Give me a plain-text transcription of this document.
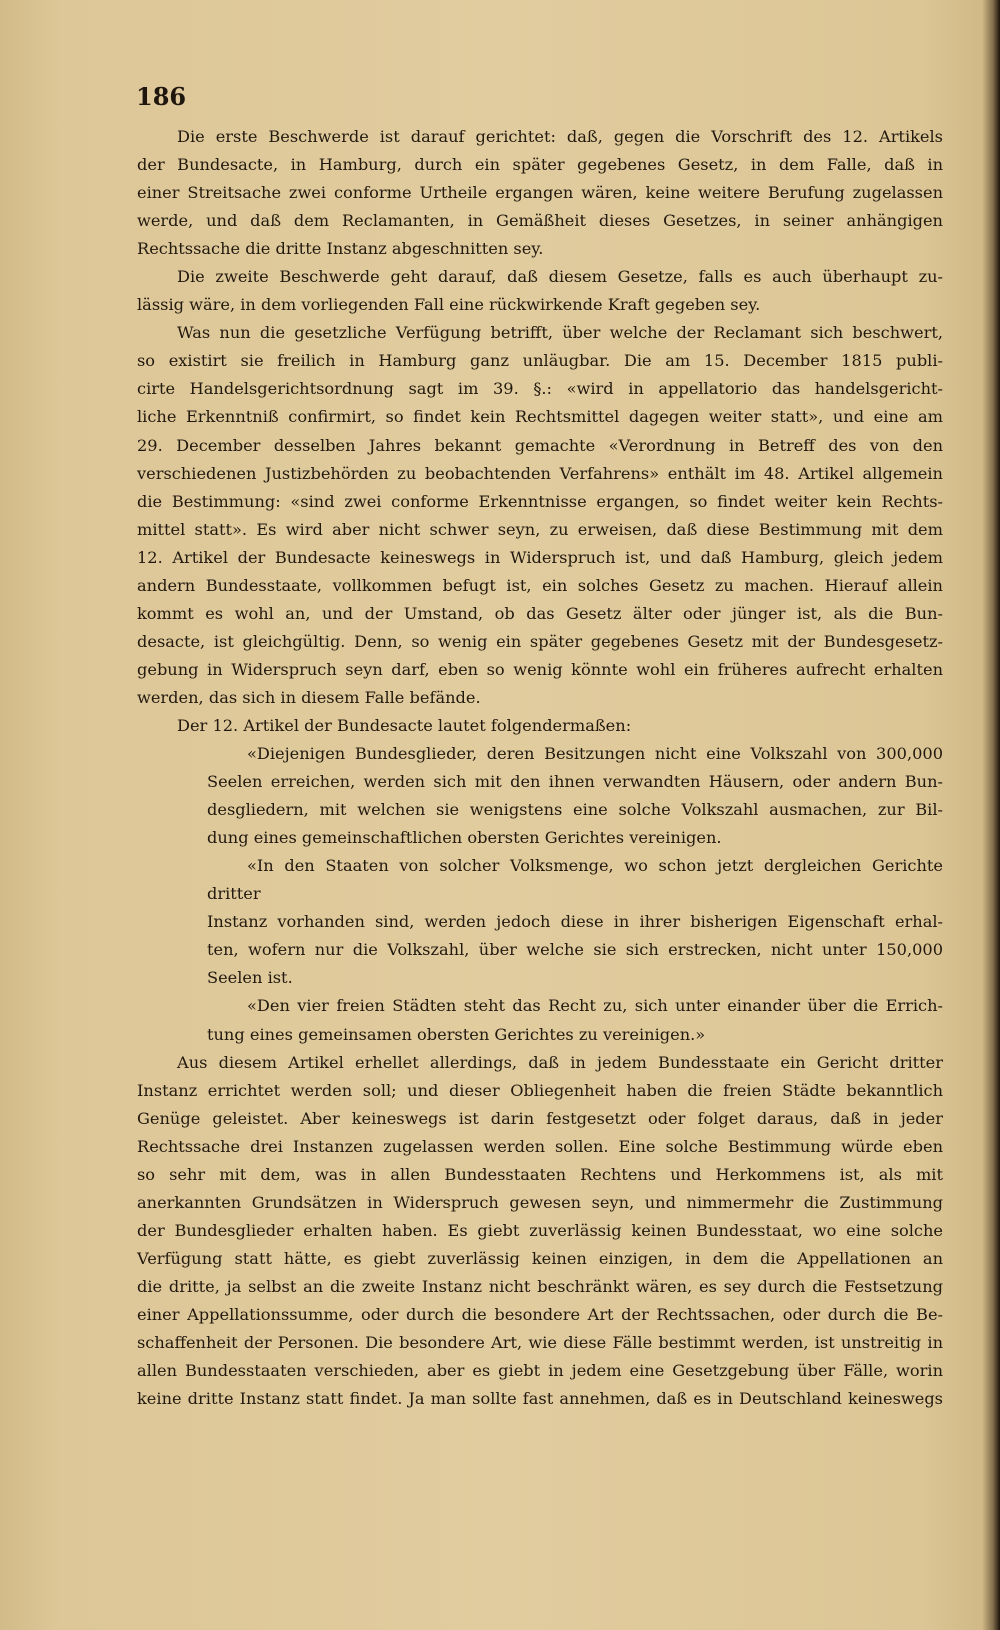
186

Die erste Beschwerde ist darauf gerichtet: daß, gegen die Vorschrift des 12. Artikels

der Bundesacte, in Hamburg, durch ein später gegebenes Gesetz, in dem Falle, daß in

einer Streitsache zwei conforme Urtheile ergangen wären, keine weitere Berufung zugelassen

werde, und daß dem Reclamanten, in Gemäßheit dieses Gesetzes, in seiner anhängigen

Rechtssache die dritte Instanz abgeschnitten sey.

Die zweite Beschwerde geht darauf, daß diesem Gesetze, falls es auch überhaupt zu-

lässig wäre, in dem vorliegenden Fall eine rückwirkende Kraft gegeben sey.

Was nun die gesetzliche Verfügung betrifft, über welche der Reclamant sich beschwert,

so existirt sie freilich in Hamburg ganz unläugbar. Die am 15. December 1815 publi-

cirte Handelsgerichtsordnung sagt im 39. §.: «wird in appellatorio das handelsgericht-

liche Erkenntniß confirmirt, so findet kein Rechtsmittel dagegen weiter statt», und eine am

29. December desselben Jahres bekannt gemachte «Verordnung in Betreff des von den

verschiedenen Justizbehörden zu beobachtenden Verfahrens» enthält im 48. Artikel allgemein

die Bestimmung: «sind zwei conforme Erkenntnisse ergangen, so findet weiter kein Rechts-

mittel statt». Es wird aber nicht schwer seyn, zu erweisen, daß diese Bestimmung mit dem

12. Artikel der Bundesacte keineswegs in Widerspruch ist, und daß Hamburg, gleich jedem

andern Bundesstaate, vollkommen befugt ist, ein solches Gesetz zu machen. Hierauf allein

kommt es wohl an, und der Umstand, ob das Gesetz älter oder jünger ist, als die Bun-

desacte, ist gleichgültig. Denn, so wenig ein später gegebenes Gesetz mit der Bundesgesetz-

gebung in Widerspruch seyn darf, eben so wenig könnte wohl ein früheres aufrecht erhalten

werden, das sich in diesem Falle befände.

Der 12. Artikel der Bundesacte lautet folgendermaßen:

«Diejenigen Bundesglieder, deren Besitzungen nicht eine Volkszahl von 300,000

Seelen erreichen, werden sich mit den ihnen verwandten Häusern, oder andern Bun-

desgliedern, mit welchen sie wenigstens eine solche Volkszahl ausmachen, zur Bil-

dung eines gemeinschaftlichen obersten Gerichtes vereinigen.

«In den Staaten von solcher Volksmenge, wo schon jetzt dergleichen Gerichte dritter

Instanz vorhanden sind, werden jedoch diese in ihrer bisherigen Eigenschaft erhal-

ten, wofern nur die Volkszahl, über welche sie sich erstrecken, nicht unter 150,000

Seelen ist.

«Den vier freien Städten steht das Recht zu, sich unter einander über die Errich-

tung eines gemeinsamen obersten Gerichtes zu vereinigen.»

Aus diesem Artikel erhellet allerdings, daß in jedem Bundesstaate ein Gericht dritter

Instanz errichtet werden soll; und dieser Obliegenheit haben die freien Städte bekanntlich

Genüge geleistet. Aber keineswegs ist darin festgesetzt oder folget daraus, daß in jeder

Rechtssache drei Instanzen zugelassen werden sollen. Eine solche Bestimmung würde eben

so sehr mit dem, was in allen Bundesstaaten Rechtens und Herkommens ist, als mit

anerkannten Grundsätzen in Widerspruch gewesen seyn, und nimmermehr die Zustimmung

der Bundesglieder erhalten haben. Es giebt zuverlässig keinen Bundesstaat, wo eine solche

Verfügung statt hätte, es giebt zuverlässig keinen einzigen, in dem die Appellationen an

die dritte, ja selbst an die zweite Instanz nicht beschränkt wären, es sey durch die Festsetzung

einer Appellationssumme, oder durch die besondere Art der Rechtssachen, oder durch die Be-

schaffenheit der Personen. Die besondere Art, wie diese Fälle bestimmt werden, ist unstreitig in

allen Bundesstaaten verschieden, aber es giebt in jedem eine Gesetzgebung über Fälle, worin

keine dritte Instanz statt findet. Ja man sollte fast annehmen, daß es in Deutschland keineswegs
